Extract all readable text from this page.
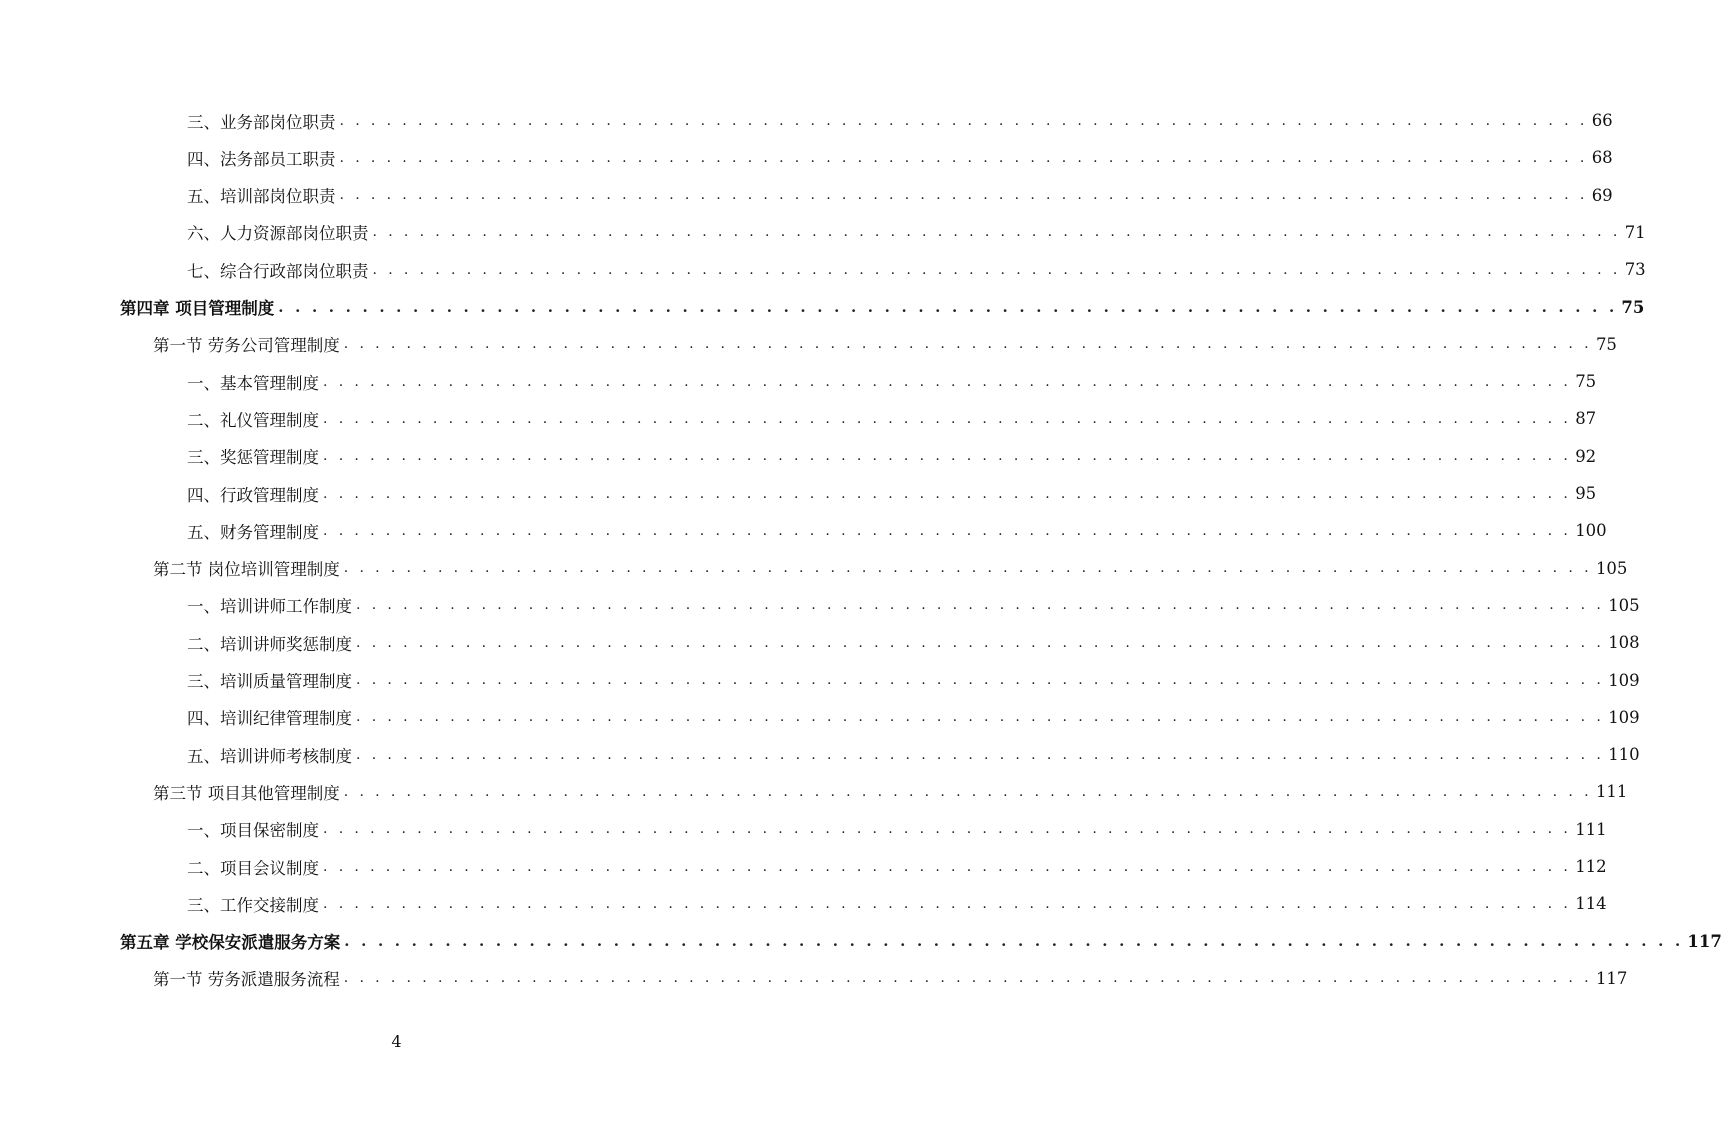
三、业务部岗位职责 . . . . . . . . . . . . . . . . . . . . . . . . . . . . . . . . . . . . . . . . . . . . . . . . . . . . . . . . . . . . . . . . . . . . . . . . . . . . . . . . 66
四、法务部员工职责 . . . . . . . . . . . . . . . . . . . . . . . . . . . . . . . . . . . . . . . . . . . . . . . . . . . . . . . . . . . . . . . . . . . . . . . . . . . . . . . . 68
五、培训部岗位职责 . . . . . . . . . . . . . . . . . . . . . . . . . . . . . . . . . . . . . . . . . . . . . . . . . . . . . . . . . . . . . . . . . . . . . . . . . . . . . . . . 69
六、人力资源部岗位职责 . . . . . . . . . . . . . . . . . . . . . . . . . . . . . . . . . . . . . . . . . . . . . . . . . . . . . . . . . . . . . . . . . . . . . . . . . . . . . . . . 71
七、综合行政部岗位职责 . . . . . . . . . . . . . . . . . . . . . . . . . . . . . . . . . . . . . . . . . . . . . . . . . . . . . . . . . . . . . . . . . . . . . . . . . . . . . . . . 73
第四章 项目管理制度 . . . . . . . . . . . . . . . . . . . . . . . . . . . . . . . . . . . . . . . . . . . . . . . . . . . . . . . . . . . . . . . . . . . . . . . . . . . . . . . . 75
第一节 劳务公司管理制度 . . . . . . . . . . . . . . . . . . . . . . . . . . . . . . . . . . . . . . . . . . . . . . . . . . . . . . . . . . . . . . . . . . . . . . . . . . . . . . . . 75
一、基本管理制度 . . . . . . . . . . . . . . . . . . . . . . . . . . . . . . . . . . . . . . . . . . . . . . . . . . . . . . . . . . . . . . . . . . . . . . . . . . . . . . . . 75
二、礼仪管理制度 . . . . . . . . . . . . . . . . . . . . . . . . . . . . . . . . . . . . . . . . . . . . . . . . . . . . . . . . . . . . . . . . . . . . . . . . . . . . . . . . 87
三、奖惩管理制度 . . . . . . . . . . . . . . . . . . . . . . . . . . . . . . . . . . . . . . . . . . . . . . . . . . . . . . . . . . . . . . . . . . . . . . . . . . . . . . . . 92
四、行政管理制度 . . . . . . . . . . . . . . . . . . . . . . . . . . . . . . . . . . . . . . . . . . . . . . . . . . . . . . . . . . . . . . . . . . . . . . . . . . . . . . . . 95
五、财务管理制度 . . . . . . . . . . . . . . . . . . . . . . . . . . . . . . . . . . . . . . . . . . . . . . . . . . . . . . . . . . . . . . . . . . . . . . . . . . . . . . . . 100
第二节 岗位培训管理制度 . . . . . . . . . . . . . . . . . . . . . . . . . . . . . . . . . . . . . . . . . . . . . . . . . . . . . . . . . . . . . . . . . . . . . . . . . . . . . . . . 105
一、培训讲师工作制度 . . . . . . . . . . . . . . . . . . . . . . . . . . . . . . . . . . . . . . . . . . . . . . . . . . . . . . . . . . . . . . . . . . . . . . . . . . . . . . . . 105
二、培训讲师奖惩制度 . . . . . . . . . . . . . . . . . . . . . . . . . . . . . . . . . . . . . . . . . . . . . . . . . . . . . . . . . . . . . . . . . . . . . . . . . . . . . . . . 108
三、培训质量管理制度 . . . . . . . . . . . . . . . . . . . . . . . . . . . . . . . . . . . . . . . . . . . . . . . . . . . . . . . . . . . . . . . . . . . . . . . . . . . . . . . . 109
四、培训纪律管理制度 . . . . . . . . . . . . . . . . . . . . . . . . . . . . . . . . . . . . . . . . . . . . . . . . . . . . . . . . . . . . . . . . . . . . . . . . . . . . . . . . 109
五、培训讲师考核制度 . . . . . . . . . . . . . . . . . . . . . . . . . . . . . . . . . . . . . . . . . . . . . . . . . . . . . . . . . . . . . . . . . . . . . . . . . . . . . . . . 110
第三节 项目其他管理制度 . . . . . . . . . . . . . . . . . . . . . . . . . . . . . . . . . . . . . . . . . . . . . . . . . . . . . . . . . . . . . . . . . . . . . . . . . . . . . . . . 111
一、项目保密制度 . . . . . . . . . . . . . . . . . . . . . . . . . . . . . . . . . . . . . . . . . . . . . . . . . . . . . . . . . . . . . . . . . . . . . . . . . . . . . . . . 111
二、项目会议制度 . . . . . . . . . . . . . . . . . . . . . . . . . . . . . . . . . . . . . . . . . . . . . . . . . . . . . . . . . . . . . . . . . . . . . . . . . . . . . . . . 112
三、工作交接制度 . . . . . . . . . . . . . . . . . . . . . . . . . . . . . . . . . . . . . . . . . . . . . . . . . . . . . . . . . . . . . . . . . . . . . . . . . . . . . . . . 114
第五章 学校保安派遣服务方案 . . . . . . . . . . . . . . . . . . . . . . . . . . . . . . . . . . . . . . . . . . . . . . . . . . . . . . . . . . . . . . . . . . . . . . . . . . . . . . . . 117
第一节 劳务派遣服务流程 . . . . . . . . . . . . . . . . . . . . . . . . . . . . . . . . . . . . . . . . . . . . . . . . . . . . . . . . . . . . . . . . . . . . . . . . . . . . . . . . 117
4
